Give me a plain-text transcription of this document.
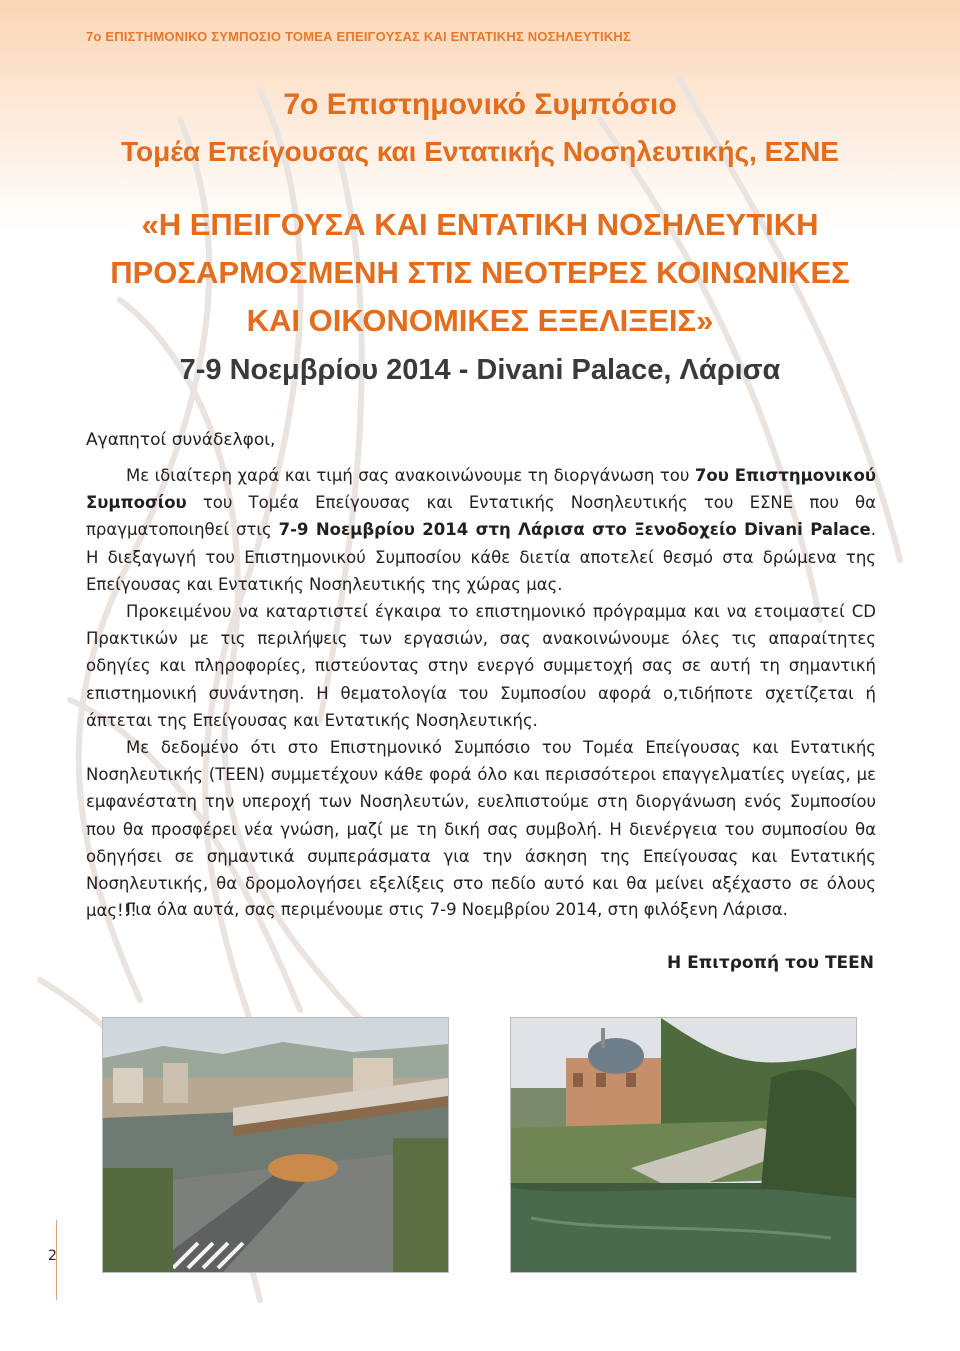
7ο ΕΠΙΣΤΗΜΟΝΙΚΟ ΣΥΜΠΟΣΙΟ ΤΟΜΕΑ ΕΠΕΙΓΟΥΣΑΣ ΚΑΙ ΕΝΤΑΤΙΚΗΣ ΝΟΣΗΛΕΥΤΙΚΗΣ
7ο Επιστημονικό Συμπόσιο
Τομέα Επείγουσας και Εντατικής Νοσηλευτικής, ΕΣΝΕ
«Η ΕΠΕΙΓΟΥΣΑ ΚΑΙ ΕΝΤΑΤΙΚΗ ΝΟΣΗΛΕΥΤΙΚΗ
ΠΡΟΣΑΡΜΟΣΜΕΝΗ ΣΤΙΣ ΝΕΟΤΕΡΕΣ ΚΟΙΝΩΝΙΚΕΣ
ΚΑΙ ΟΙΚΟΝΟΜΙΚΕΣ ΕΞΕΛΙΞΕΙΣ»
7-9 Νοεμβρίου 2014 - Divani Palace, Λάρισα
Αγαπητοί συνάδελφοι,

Με ιδιαίτερη χαρά και τιμή σας ανακοινώνουμε τη διοργάνωση του 7ου Επιστημονικού Συμποσίου του Τομέα Επείγουσας και Εντατικής Νοσηλευτικής του ΕΣΝΕ που θα πραγματοποιηθεί στις 7-9 Νοεμβρίου 2014 στη Λάρισα στο Ξενοδοχείο Divani Palace. Η διεξαγωγή του Επιστημονικού Συμποσίου κάθε διετία αποτελεί θεσμό στα δρώμενα της Επείγουσας και Εντατικής Νοσηλευτικής της χώρας μας.

Προκειμένου να καταρτιστεί έγκαιρα το επιστημονικό πρόγραμμα και να ετοιμαστεί CD Πρακτικών με τις περιλήψεις των εργασιών, σας ανακοινώνουμε όλες τις απαραίτητες οδηγίες και πληροφορίες, πιστεύοντας στην ενεργό συμμετοχή σας σε αυτή τη σημαντική επιστημονική συνάντηση. Η θεματολογία του Συμποσίου αφορά ο,τιδήποτε σχετίζεται ή άπτεται της Επείγουσας και Εντατικής Νοσηλευτικής.

Με δεδομένο ότι στο Επιστημονικό Συμπόσιο του Τομέα Επείγουσας και Εντατικής Νοσηλευτικής (ΤΕΕΝ) συμμετέχουν κάθε φορά όλο και περισσότεροι επαγγελματίες υγείας, με εμφανέστατη την υπεροχή των Νοσηλευτών, ευελπιστούμε στη διοργάνωση ενός Συμποσίου που θα προσφέρει νέα γνώση, μαζί με τη δική σας συμβολή. Η διενέργεια του συμποσίου θα οδηγήσει σε σημαντικά συμπεράσματα για την άσκηση της Επείγουσας και Εντατικής Νοσηλευτικής, θα δρομολογήσει εξελίξεις στο πεδίο αυτό και θα μείνει αξέχαστο σε όλους μας!!!

Για όλα αυτά, σας περιμένουμε στις 7-9 Νοεμβρίου 2014, στη φιλόξενη Λάρισα.
Η Επιτροπή του ΤΕΕΝ
2
